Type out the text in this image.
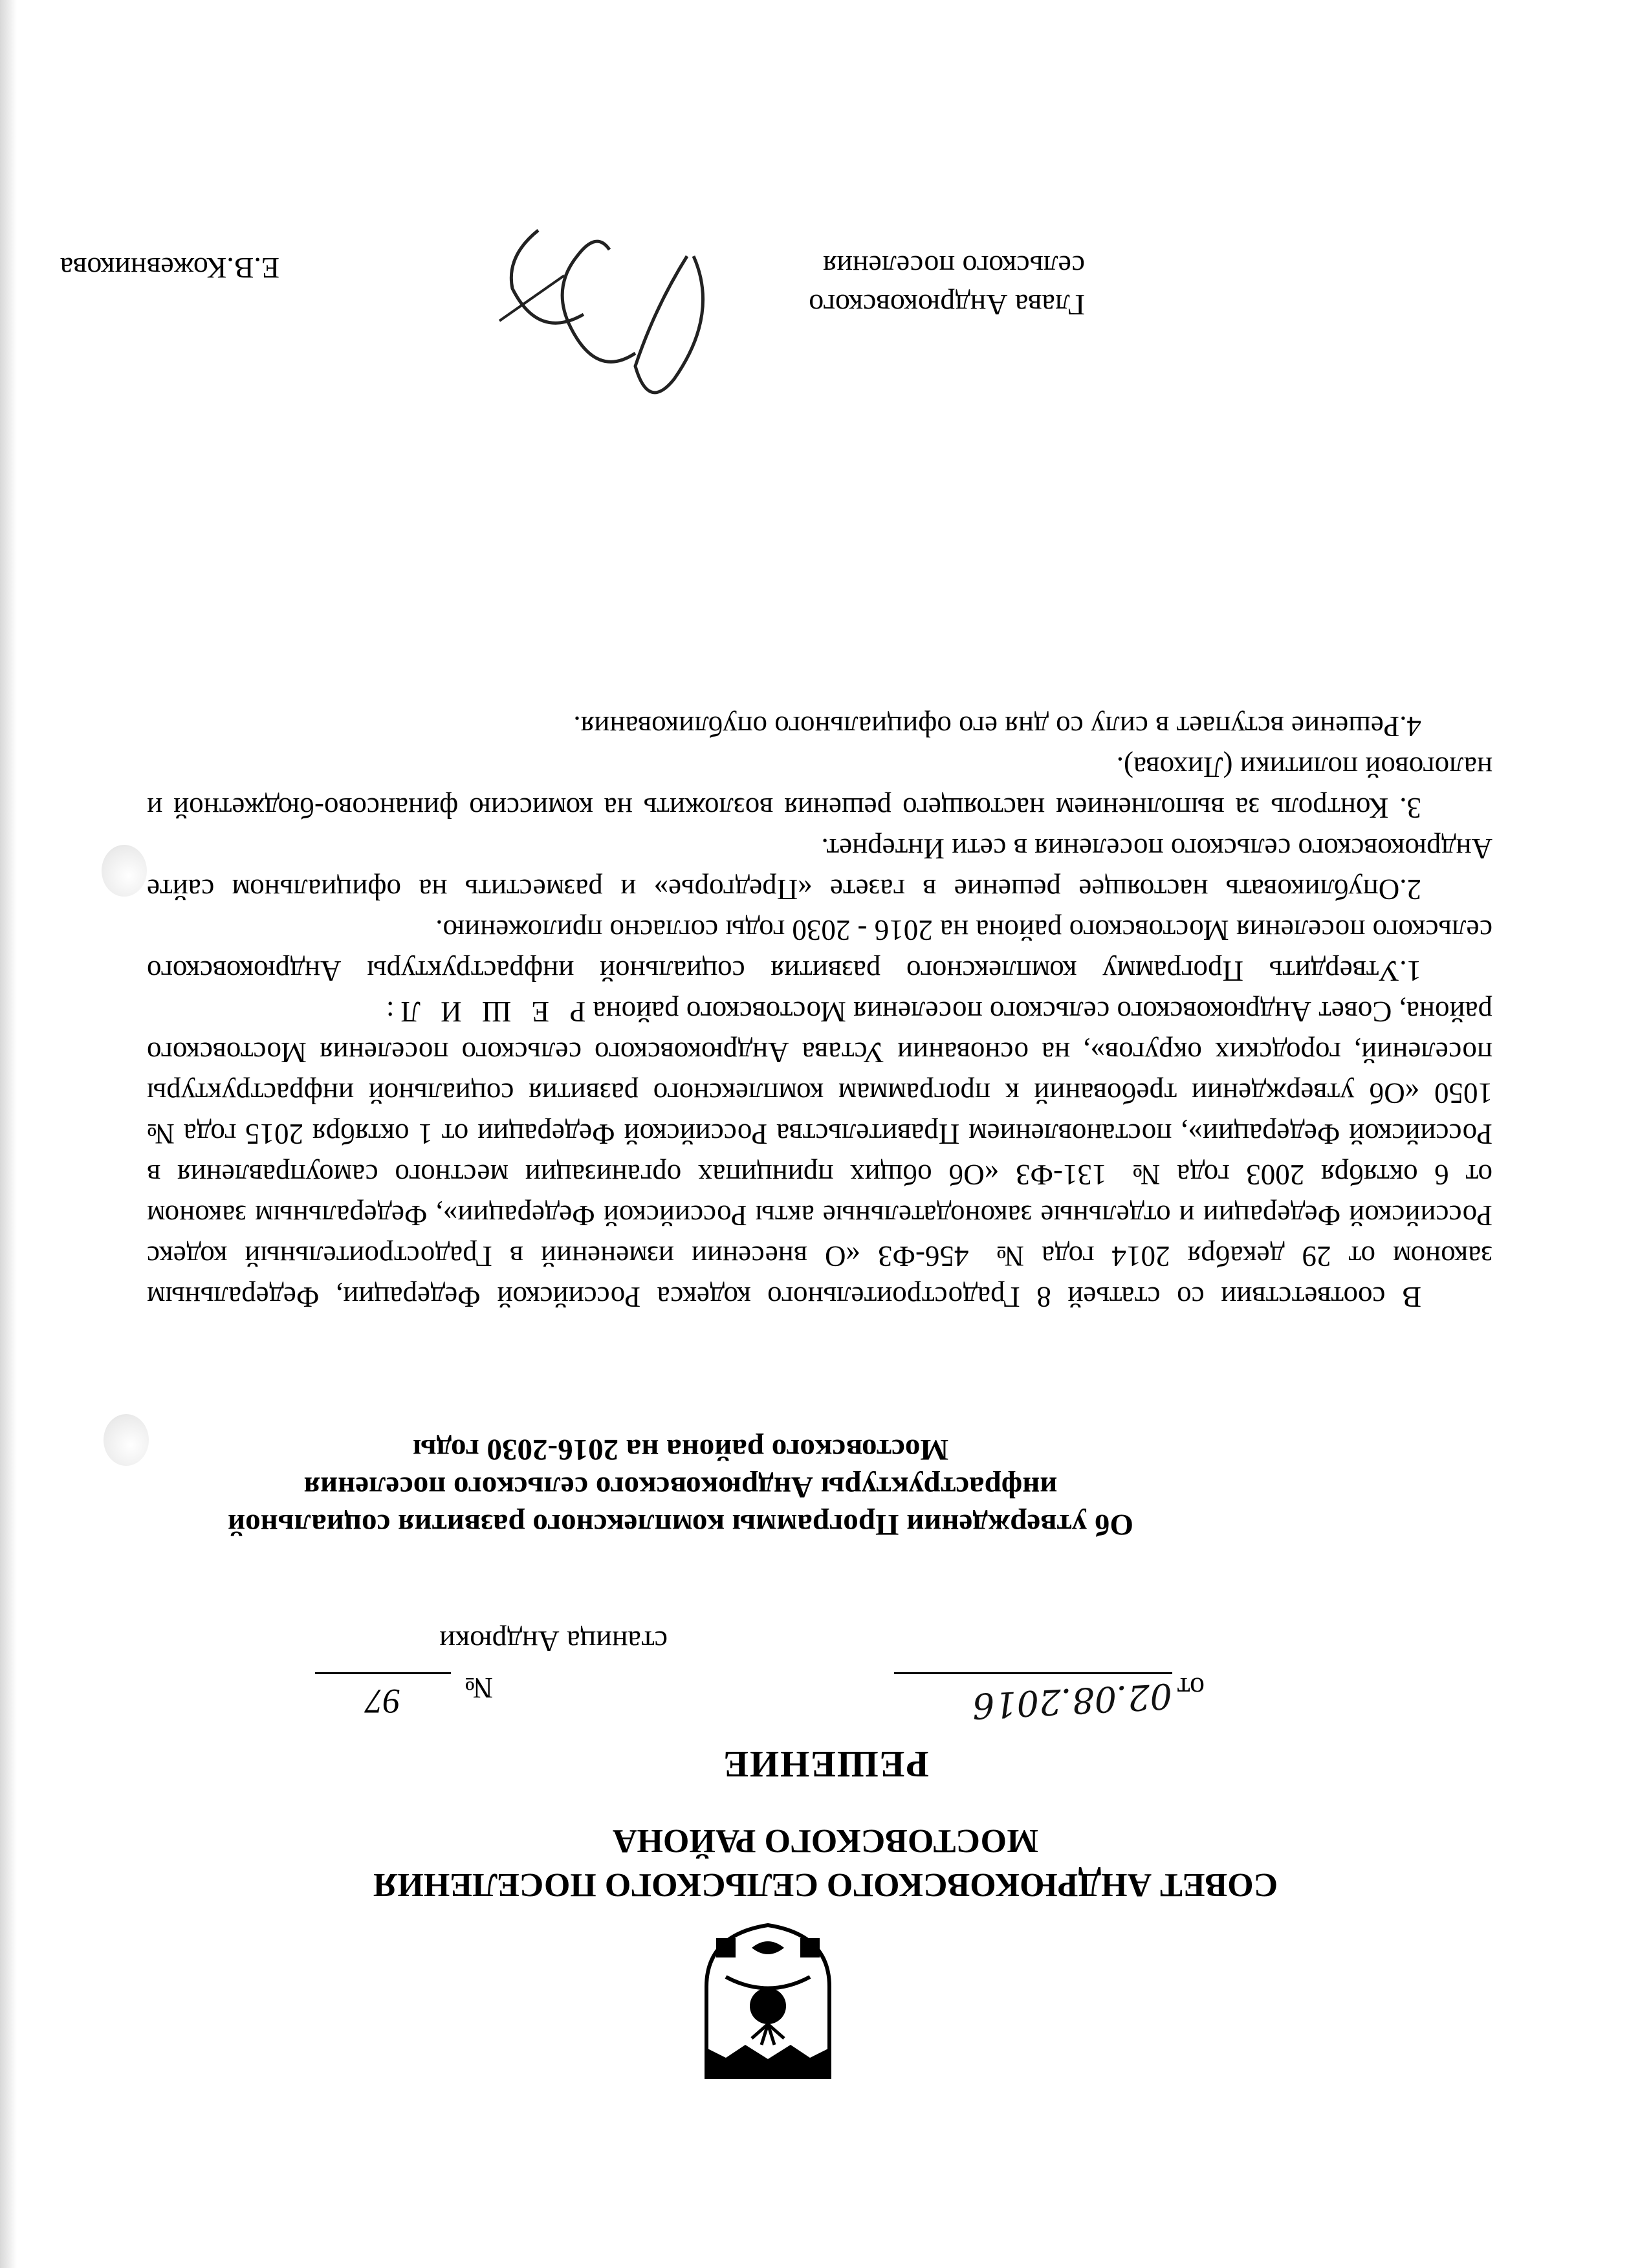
СОВЕТ АНДРЮКОВСКОГО СЕЛЬСКОГО ПОСЕЛЕНИЯ
МОСТОВСКОГО РАЙОНА
РЕШЕНИЕ
от
02.08.2016
№
97
станица Андрюки
Об утверждении Программы комплексного развития социальной
инфраструктуры Андрюковского сельского поселения
Мостовского района на 2016-2030 годы

В соответствии со статьей 8 Градостроительного кодекса Российской Федерации, Федеральным законом от 29 декабря 2014 года № 456-ФЗ «О внесении изменений в Градостроительный кодекс Российской Федерации и отдельные законодательные акты Российской Федерации», Федеральным законом от 6 октября 2003 года № 131-ФЗ «Об общих принципах организации местного самоуправления в Российской Федерации», постановлением Правительства Российской Федерации от 1 октября 2015 года № 1050 «Об утверждении требований к программам комплексного развития социальной инфраструктуры поселений, городских округов», на основании Устава Андрюковского сельского поселения Мостовского района, Совет Андрюковского сельского поселения Мостовского района Р Е Ш И Л:

1.Утвердить Программу комплексного развития социальной инфраструктуры Андрюковского сельского поселения Мостовского района на 2016 - 2030 годы согласно приложению.

2.Опубликовать настоящее решение в газете «Предгорье» и разместить на официальном сайте Андрюковского сельского поселения в сети Интернет.

3. Контроль за выполнением настоящего решения возложить на комиссию финансово-бюджетной и налоговой политики (Лихова).

4.Решение вступает в силу со дня его официального опубликования.

Глава Андрюковского
сельского поселения
Е.В.Кожевникова
